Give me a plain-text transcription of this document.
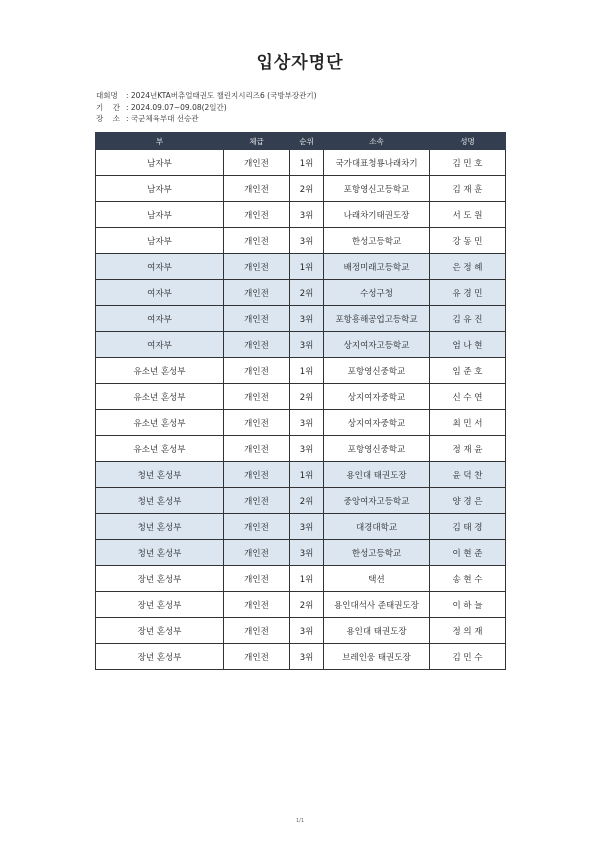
입상자명단
대회명	: 2024년KTA버츄얼태권도 챌린지시리즈6 (국방부장관기)
기    간 : 2024.09.07~09.08(2일간)
장    소 : 국군체육부대 선승관
부	체급	순위	소속	성명
남자부	개인전	1위	국가대표청룡나래차기	김 민 호
남자부	개인전	2위	포항영신고등학교	김 재 훈
남자부	개인전	3위	나래차기태권도장	서 도 원
남자부	개인전	3위	한성고등학교	강 동 민
여자부	개인전	1위	배정미래고등학교	은 정 혜
여자부	개인전	2위	수성구청	유 경 민
여자부	개인전	3위	포항흥해공업고등학교	김 유 진
여자부	개인전	3위	상지여자고등학교	엄 나 현
유소년 혼성부	개인전	1위	포항영신중학교	임 준 호
유소년 혼성부	개인전	2위	상지여자중학교	신 수 연
유소년 혼성부	개인전	3위	상지여자중학교	최 민 서
유소년 혼성부	개인전	3위	포항영신중학교	정 재 윤
청년 혼성부	개인전	1위	용인대 태권도장	윤 덕 찬
청년 혼성부	개인전	2위	중앙여자고등학교	양 경 은
청년 혼성부	개인전	3위	대경대학교	김 태 경
청년 혼성부	개인전	3위	한성고등학교	이 현 준
장년 혼성부	개인전	1위	택션	송 현 수
장년 혼성부	개인전	2위	용인대석사 준태권도장	이 하 늘
장년 혼성부	개인전	3위	용인대 태권도장	정 의 재
장년 혼성부	개인전	3위	브레인웅 태권도장	김 민 수
1/1
